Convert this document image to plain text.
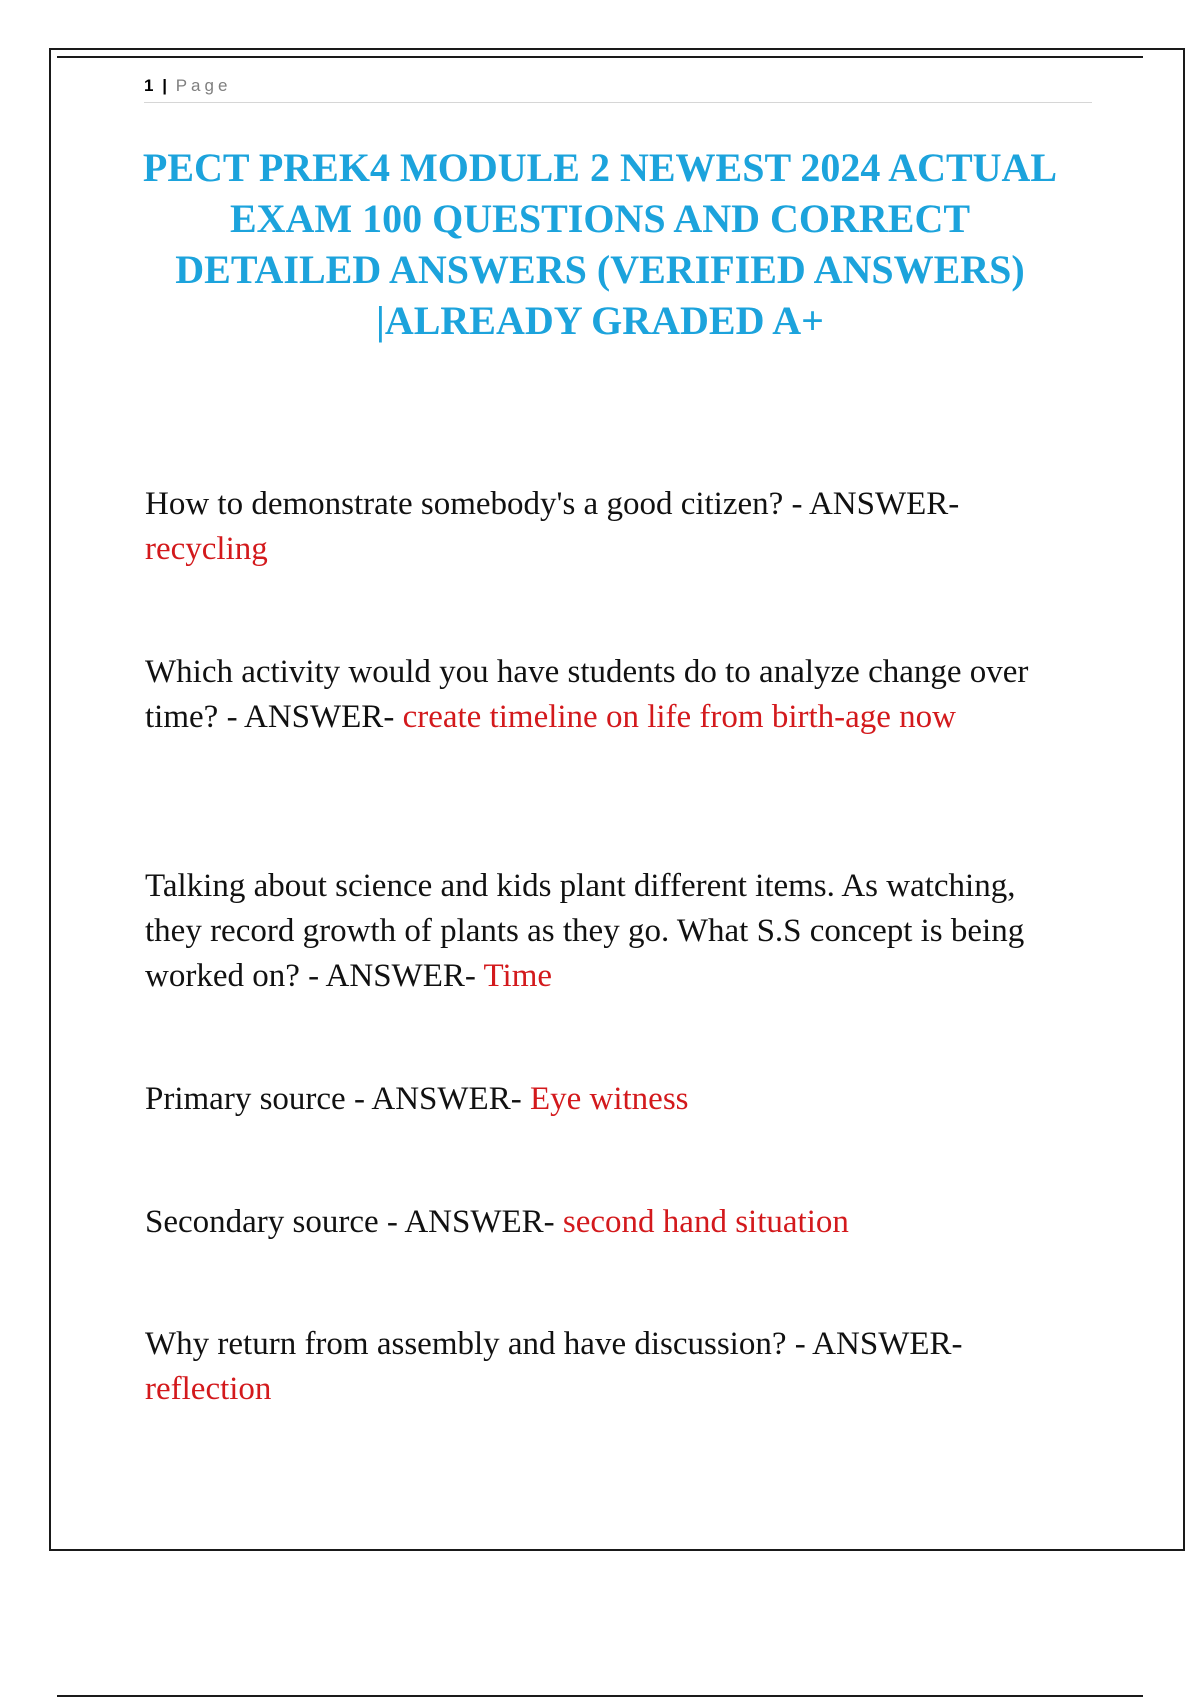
1 | Page
PECT PREK4 MODULE 2 NEWEST 2024 ACTUAL EXAM 100 QUESTIONS AND CORRECT DETAILED ANSWERS (VERIFIED ANSWERS) |ALREADY GRADED A+

How to demonstrate somebody's a good citizen? - ANSWER- recycling

Which activity would you have students do to analyze change over time? - ANSWER- create timeline on life from birth-age now

Talking about science and kids plant different items. As watching, they record growth of plants as they go. What S.S concept is being worked on? - ANSWER- Time

Primary source - ANSWER- Eye witness

Secondary source - ANSWER- second hand situation

Why return from assembly and have discussion? - ANSWER- reflection
